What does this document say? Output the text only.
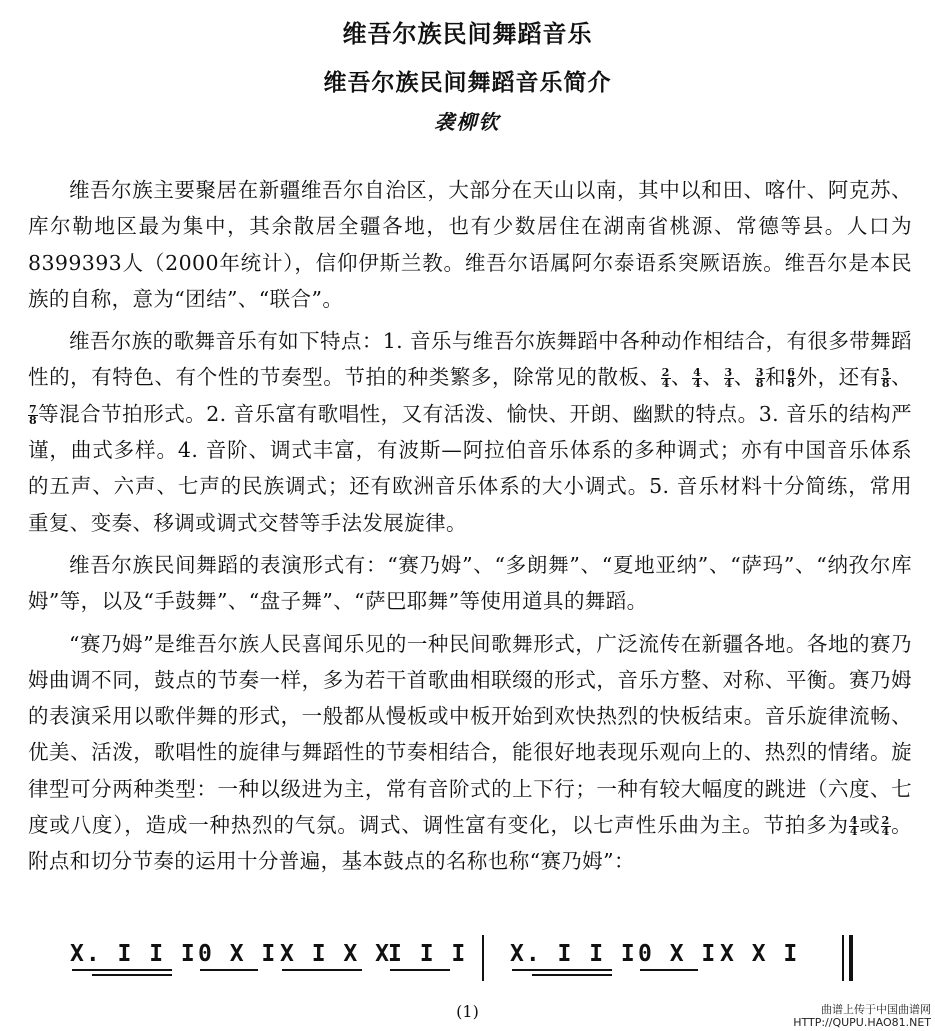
维吾尔族民间舞蹈音乐
维吾尔族民间舞蹈音乐简介
袭柳钦

维吾尔族主要聚居在新疆维吾尔自治区，大部分在天山以南，其中以和田、喀什、阿克苏、库尔勒地区最为集中，其余散居全疆各地，也有少数居住在湖南省桃源、常德等县。人口为8399393人（2000年统计），信仰伊斯兰教。维吾尔语属阿尔泰语系突厥语族。维吾尔是本民族的自称，意为“团结”、“联合”。

维吾尔族的歌舞音乐有如下特点：1. 音乐与维吾尔族舞蹈中各种动作相结合，有很多带舞蹈性的，有特色、有个性的节奏型。节拍的种类繁多，除常见的散板、 $\frac{2}{4}$ 、 $\frac{4}{4}$ 、 $\frac{3}{4}$ 、 $\frac{3}{8}$ 和 $\frac{6}{8}$ 外，还有 $\frac{5}{8}$ 、
$\frac{7}{8}$ 等混合节拍形式。2. 音乐富有歌唱性，又有活泼、愉快、开朗、幽默的特点。3. 音乐的结构严谨，曲式多样。4. 音阶、调式丰富，有波斯—阿拉伯音乐体系的多种调式；亦有中国音乐体系的五声、六声、七声的民族调式；还有欧洲音乐体系的大小调式。5. 音乐材料十分简练，常用重复、变奏、移调或调式交替等手法发展旋律。

维吾尔族民间舞蹈的表演形式有：“赛乃姆”、“多朗舞”、“夏地亚纳”、“萨玛”、“纳孜尔库姆”等，以及“手鼓舞”、“盘子舞”、“萨巴耶舞”等使用道具的舞蹈。

“赛乃姆”是维吾尔族人民喜闻乐见的一种民间歌舞形式，广泛流传在新疆各地。各地的赛乃姆曲调不同，鼓点的节奏一样，多为若干首歌曲相联缀的形式，音乐方整、对称、平衡。赛乃姆的表演采用以歌伴舞的形式，一般都从慢板或中板开始到欢快热烈的快板结束。音乐旋律流畅、优美、活泼，歌唱性的旋律与舞蹈性的节奏相结合，能很好地表现乐观向上的、热烈的情绪。旋律型可分两种类型：一种以级进为主，常有音阶式的上下行；一种有较大幅度的跳进（六度、七度或八度），造成一种热烈的气氛。调式、调性富有变化，以七声性乐曲为主。节拍多为 $\frac{4}{4}$ 或 $\frac{2}{4}$ 。附点和切分节奏的运用十分普遍，基本鼓点的名称也称“赛乃姆”：

X. I I I 0 X I X I X X
I I I X. I I I 0 X I X X I
(1)	曲谱上传于中国曲谱网
HTTP://QUPU.HAO81.NET
